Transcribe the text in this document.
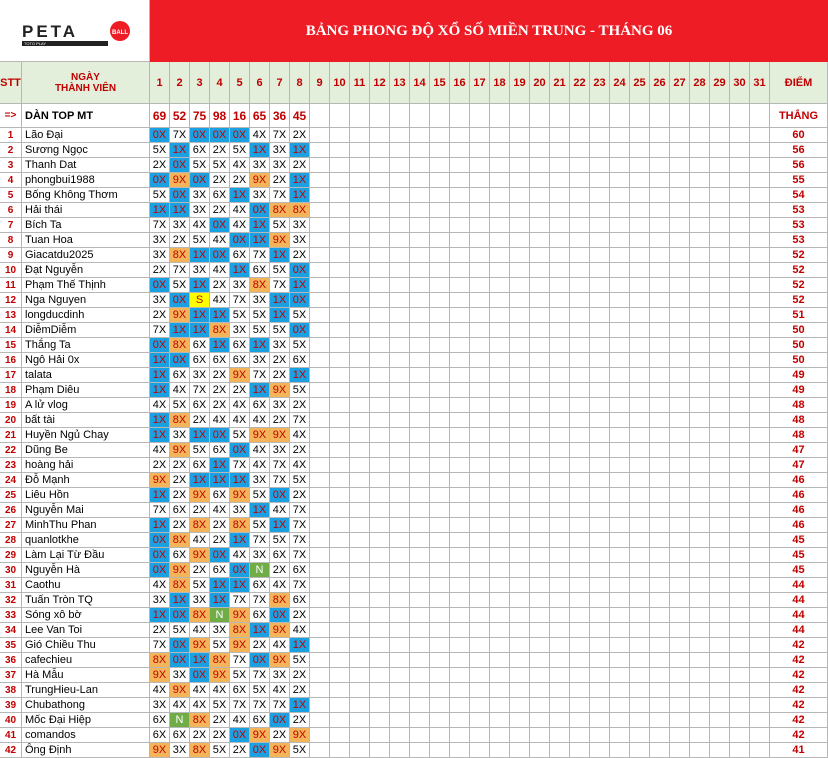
PETA	BALL
TOTO PLAY
BẢNG PHONG ĐỘ XỔ SỐ MIỀN TRUNG - THÁNG 06
STT	NGÀY
THÀNH VIÊN	1	2	3	4	5	6	7	8	9 10 11 12 13 14 15 16 17 18 19 20 21 22 23 24 25 26 27 28 29 30 31	ĐIỂM
=> DÀN TOP MT	69 52 75 98 16 65 36 45	THẮNG
1	Lão Đại	0X 7X 0X 0X 0X 4X 7X 2X	60
2	Sương Ngọc	5X 1X 6X 2X 5X 1X 3X 1X	56
3	Thanh Dat	2X 0X 5X 5X 4X 3X 3X 2X	56
4	phongbui1988	0X 9X 0X 2X 2X 9X 2X 1X	55
5	Bống Không Thơm	5X 0X 3X 6X 1X 3X 7X 1X	54
6	Hải thái	1X 1X 3X 2X 4X 0X 8X 8X	53
7	Bích Ta	7X 3X 4X 0X 4X 1X 5X 3X	53
8	Tuan Hoa	3X 2X 5X 4X 0X 1X 9X 3X	53
9	Giacatdu2025	3X 8X 1X 0X 6X 7X 1X 2X	52
10 Đạt Nguyễn	2X 7X 3X 4X 1X 6X 5X 0X	52
11 Phạm Thế Thịnh	0X 5X 1X 2X 3X 8X 7X 1X	52
12 Nga Nguyen	3X 0X S 4X 7X 3X 1X 0X	52
13 longducdinh	2X 9X 1X 1X 5X 5X 1X 5X	51
14 DiễmDiễm	7X 1X 1X 8X 3X 5X 5X 0X	50
15 Thắng Ta	0X 8X 6X 1X 6X 1X 3X 5X	50
16 Ngô Hải 0x	1X 0X 6X 6X 6X 3X 2X 6X	50
17 talata	1X 6X 3X 2X 9X 7X 2X 1X	49
18 Phạm Diêu	1X 4X 7X 2X 2X 1X 9X 5X	49
19 A lử vlog	4X 5X 6X 2X 4X 6X 3X 2X	48
20 bất tài	1X 8X 2X 4X 4X 4X 2X 7X	48
21 Huyền Ngủ Chay	1X 3X 1X 0X 5X 9X 9X 4X	48
22 Dũng Be	4X 9X 5X 6X 0X 4X 3X 2X	47
23 hoàng hải	2X 2X 6X 1X 7X 4X 7X 4X	47
24 Đỗ Mạnh	9X 2X 1X 1X 1X 3X 7X 5X	46
25 Liêu Hồn	1X 2X 9X 6X 9X 5X 0X 2X	46
26 Nguyễn Mai	7X 6X 2X 4X 3X 1X 4X 7X	46
27 MinhThu Phan	1X 2X 8X 2X 8X 5X 1X 7X	46
28 quanlotkhe	0X 8X 4X 2X 1X 7X 5X 7X	45
29 Làm Lại Từ Đầu	0X 6X 9X 0X 4X 3X 6X 7X	45
30 Nguyễn Hà	0X 9X 2X 6X 0X N 2X 6X	45
31 Caothu	4X 8X 5X 1X 1X 6X 4X 7X	44
32 Tuấn Tròn TQ	3X 1X 3X 1X 7X 7X 8X 6X	44
33 Sóng xô bờ	1X 0X 8X N 9X 6X 0X 2X	44
34 Lee Van Toi	2X 5X 4X 3X 8X 1X 9X 4X	44
35 Gió Chiều Thu	7X 0X 9X 5X 9X 2X 4X 1X	42
36 cafechieu	8X 0X 1X 8X 7X 0X 9X 5X	42
37 Hà Mẫu	9X 3X 0X 9X 5X 7X 3X 2X	42
38 TrungHieu-Lan	4X 9X 4X 4X 6X 5X 4X 2X	42
39 Chubathong	3X 4X 4X 5X 7X 7X 7X 1X	42
40 Mốc Đại Hiệp	6X N 8X 2X 4X 6X 0X 2X	42
41 comandos	6X 6X 2X 2X 0X 9X 2X 9X	42
42 Ông Định	9X 3X 8X 5X 2X 0X 9X 5X	41
